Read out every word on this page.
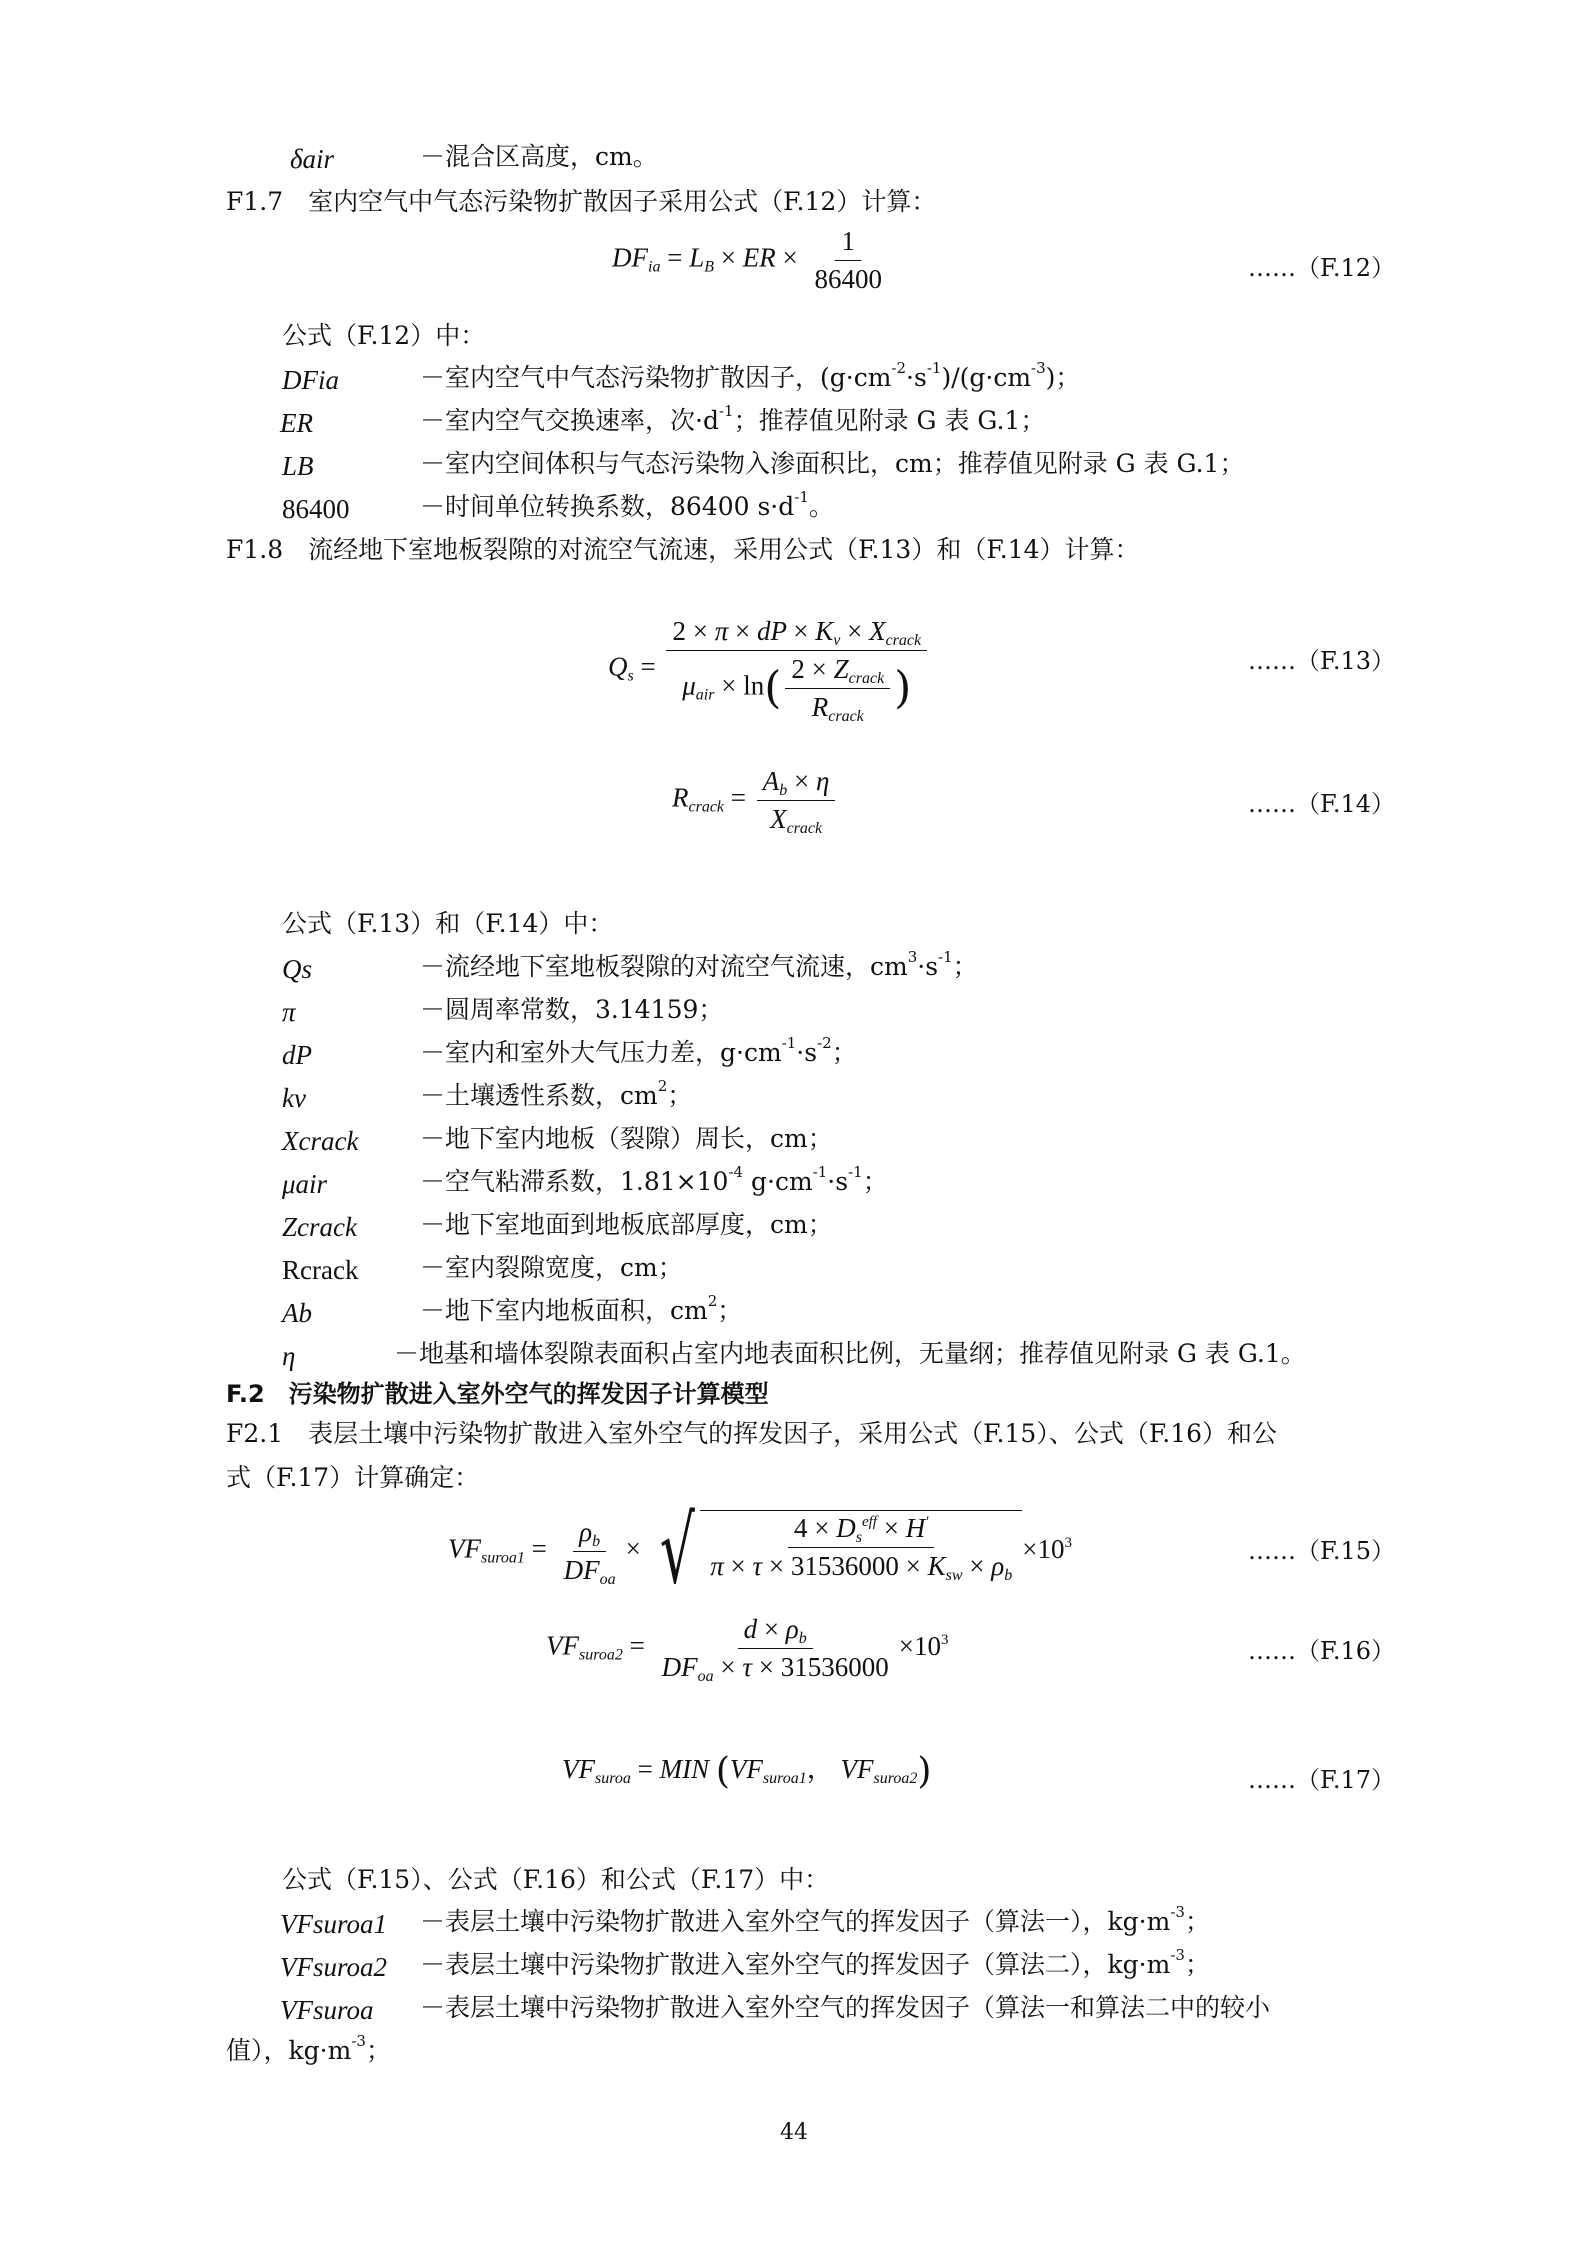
δair	－混合区高度，cm。
F1.7　室内空气中气态污染物扩散因子采用公式（F.12）计算：
$DF_{ia} = L_B$ × ER × $\frac{1}{86400}$	……（F.12）
公式（F.12）中：
DFia	－室内空气中气态污染物扩散因子，$(g\cdot cm^{-2}\cdot s^{-1})/(g\cdot cm^{-3})$；
ER	－室内空气交换速率，次$\cdot d^{-1}$；推荐值见附录 G 表 G.1；
LB	－室内空间体积与气态污染物入渗面积比，cm；推荐值见附录 G 表 G.1；
86400	－时间单位转换系数，86400 $s\cdot d^{-1}$。
F1.8　流经地下室地板裂隙的对流空气流速，采用公式（F.13）和（F.14）计算：
$Q_s = \frac{2 \times \pi \times dP \times K_v \times X_{crack}}{\mu_{air} \times \ln( \frac{2 \times Z_{crack}}{R_{crack}} )}$	……（F.13）
$R_{crack} = \frac{A_b \times \eta}{X_{crack}}$	……（F.14）
公式（F.13）和（F.14）中：
Qs	－流经地下室地板裂隙的对流空气流速，$cm^3\cdot s^{-1}$；
π	－圆周率常数，3.14159；
dP	－室内和室外大气压力差，$g\cdot cm^{-1}\cdot s^{-2}$；
kv	－土壤透性系数，$cm^2$；
Xcrack －地下室内地板（裂隙）周长，cm；
μair	－空气粘滞系数，$1.81\times 10^{-4}$ $g\cdot cm^{-1}\cdot s^{-1}$；
Zcrack	－地下室地面到地板底部厚度，cm；
Rcrack －室内裂隙宽度，cm；
Ab	－地下室内地板面积，$cm^2$；
η	－地基和墙体裂隙表面积占室内地表面积比例，无量纲；推荐值见附录 G 表 G.1。
F.2　污染物扩散进入室外空气的挥发因子计算模型
F2.1　表层土壤中污染物扩散进入室外空气的挥发因子，采用公式（F.15）、公式（F.16）和公
式（F.17）计算确定：
$VF_{suroa1} = \frac{\rho_b}{DF_{oa}}$ × √ $\frac{4 \times D_s^{eff} \times H'}{\pi \times \tau \times 31536000 \times K_{sw} \times \rho_b} \times 10^3$	……（F.15）
$VF_{suroa2} = \frac{d \times \rho_b}{DF_{oa} \times \tau \times 31536000} \times 10^3$	……（F.16）
$VF_{suroa}$ = MIN ($VF_{suroa1}$， $VF_{suroa2}$)	……（F.17）
公式（F.15）、公式（F.16）和公式（F.17）中：
VFsuroa1 －表层土壤中污染物扩散进入室外空气的挥发因子（算法一），$kg\cdot m^{-3}$；
VFsuroa2 －表层土壤中污染物扩散进入室外空气的挥发因子（算法二），$kg\cdot m^{-3}$；
VFsuroa －表层土壤中污染物扩散进入室外空气的挥发因子（算法一和算法二中的较小
值），$kg\cdot m^{-3}$；
44
